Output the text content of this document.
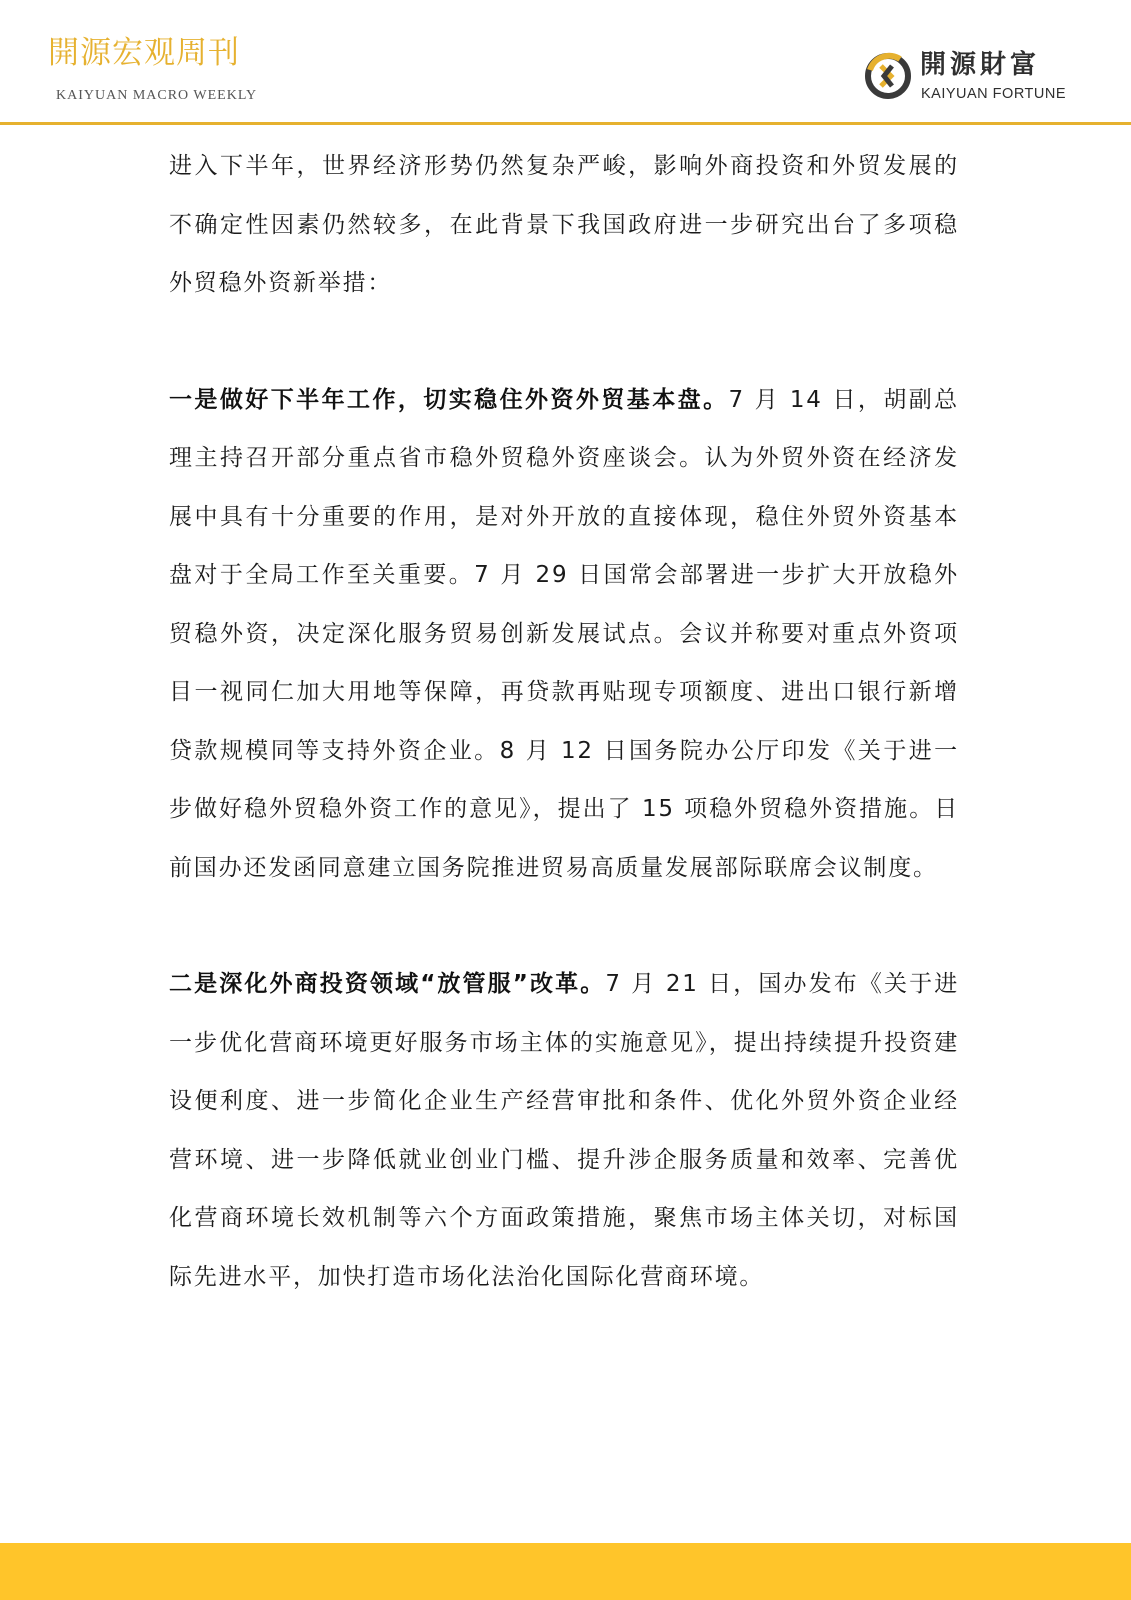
開源宏观周刊
KAIYUAN MACRO WEEKLY
開源財富
KAIYUAN FORTUNE

进入下半年，世界经济形势仍然复杂严峻，影响外商投资和外贸发展的不确定性因素仍然较多，在此背景下我国政府进一步研究出台了多项稳外贸稳外资新举措：

一是做好下半年工作，切实稳住外资外贸基本盘。7 月 14 日，胡副总理主持召开部分重点省市稳外贸稳外资座谈会。认为外贸外资在经济发展中具有十分重要的作用，是对外开放的直接体现，稳住外贸外资基本盘对于全局工作至关重要。7 月 29 日国常会部署进一步扩大开放稳外贸稳外资，决定深化服务贸易创新发展试点。会议并称要对重点外资项目一视同仁加大用地等保障，再贷款再贴现专项额度、进出口银行新增贷款规模同等支持外资企业。8 月 12 日国务院办公厅印发《关于进一步做好稳外贸稳外资工作的意见》，提出了 15 项稳外贸稳外资措施。日前国办还发函同意建立国务院推进贸易高质量发展部际联席会议制度。

二是深化外商投资领域“放管服”改革。7 月 21 日，国办发布《关于进一步优化营商环境更好服务市场主体的实施意见》，提出持续提升投资建设便利度、进一步简化企业生产经营审批和条件、优化外贸外资企业经营环境、进一步降低就业创业门槛、提升涉企服务质量和效率、完善优化营商环境长效机制等六个方面政策措施，聚焦市场主体关切，对标国际先进水平，加快打造市场化法治化国际化营商环境。
